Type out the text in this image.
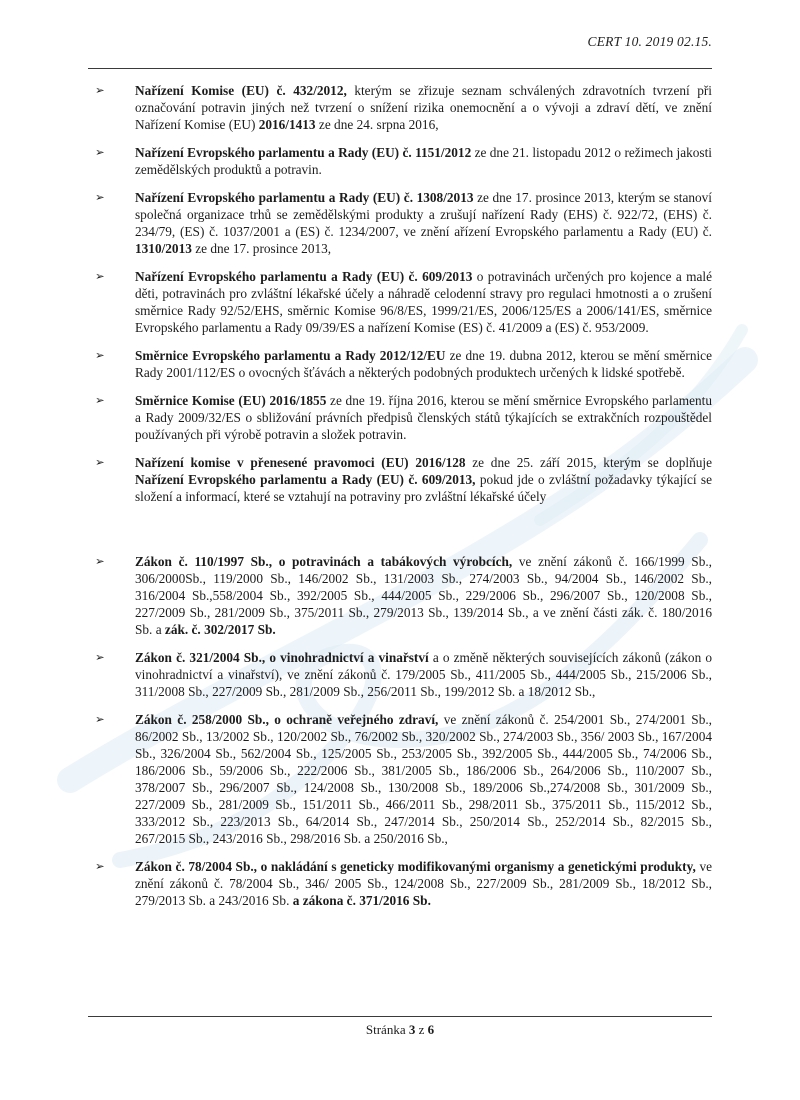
CERT 10. 2019 02.15.
➢ Nařízení Komise (EU) č. 432/2012, kterým se zřizuje seznam schválených zdravotních tvrzení při označování potravin jiných než tvrzení o snížení rizika onemocnění a o vývoji a zdraví dětí, ve znění Nařízení Komise (EU) 2016/1413 ze dne 24. srpna 2016,
➢ Nařízení Evropského parlamentu a Rady (EU) č. 1151/2012 ze dne 21. listopadu 2012 o režimech jakosti zemědělských produktů a potravin.
➢ Nařízení Evropského parlamentu a Rady (EU) č. 1308/2013 ze dne 17. prosince 2013, kterým se stanoví společná organizace trhů se zemědělskými produkty a zrušují nařízení Rady (EHS) č. 922/72, (EHS) č. 234/79, (ES) č. 1037/2001 a (ES) č. 1234/2007, ve znění ařízení Evropského parlamentu a Rady (EU) č. 1310/2013 ze dne 17. prosince 2013,
➢ Nařízení Evropského parlamentu a Rady (EU) č. 609/2013 o potravinách určených pro kojence a malé děti, potravinách pro zvláštní lékařské účely a náhradě celodenní stravy pro regulaci hmotnosti a o zrušení směrnice Rady 92/52/EHS, směrnic Komise 96/8/ES, 1999/21/ES, 2006/125/ES a 2006/141/ES, směrnice Evropského parlamentu a Rady 09/39/ES a nařízení Komise (ES) č. 41/2009 a (ES) č. 953/2009.
➢ Směrnice Evropského parlamentu a Rady 2012/12/EU ze dne 19. dubna 2012, kterou se mění směrnice Rady 2001/112/ES o ovocných šťávách a některých podobných produktech určených k lidské spotřebě.
➢ Směrnice Komise (EU) 2016/1855 ze dne 19. října 2016, kterou se mění směrnice Evropského parlamentu a Rady 2009/32/ES o sbližování právních předpisů členských států týkajících se extrakčních rozpouštědel používaných při výrobě potravin a složek potravin.
➢ Nařízení komise v přenesené pravomoci (EU) 2016/128 ze dne 25. září 2015, kterým se doplňuje Nařízení Evropského parlamentu a Rady (EU) č. 609/2013, pokud jde o zvláštní požadavky týkající se složení a informací, které se vztahují na potraviny pro zvláštní lékařské účely
➢ Zákon č. 110/1997 Sb., o potravinách a tabákových výrobcích, ve znění zákonů č. 166/1999 Sb., 306/2000Sb., 119/2000 Sb., 146/2002 Sb., 131/2003 Sb., 274/2003 Sb., 94/2004 Sb., 146/2002 Sb., 316/2004 Sb.,558/2004 Sb., 392/2005 Sb., 444/2005 Sb., 229/2006 Sb., 296/2007 Sb., 120/2008 Sb., 227/2009 Sb., 281/2009 Sb., 375/2011 Sb., 279/2013 Sb., 139/2014 Sb., a ve znění části zák. č. 180/2016 Sb. a zák. č. 302/2017 Sb.
➢ Zákon č. 321/2004 Sb., o vinohradnictví a vinařství a o změně některých souvisejících zákonů (zákon o vinohradnictví a vinařství), ve znění zákonů č. 179/2005 Sb., 411/2005 Sb., 444/2005 Sb., 215/2006 Sb., 311/2008 Sb., 227/2009 Sb., 281/2009 Sb., 256/2011 Sb., 199/2012 Sb. a 18/2012 Sb.,
➢ Zákon č. 258/2000 Sb., o ochraně veřejného zdraví, ve znění zákonů č. 254/2001 Sb., 274/2001 Sb., 86/2002 Sb., 13/2002 Sb., 120/2002 Sb., 76/2002 Sb., 320/2002 Sb., 274/2003 Sb., 356/ 2003 Sb., 167/2004 Sb., 326/2004 Sb., 562/2004 Sb., 125/2005 Sb., 253/2005 Sb., 392/2005 Sb., 444/2005 Sb., 74/2006 Sb., 186/2006 Sb., 59/2006 Sb., 222/2006 Sb., 381/2005 Sb., 186/2006 Sb., 264/2006 Sb., 110/2007 Sb., 378/2007 Sb., 296/2007 Sb., 124/2008 Sb., 130/2008 Sb., 189/2006 Sb.,274/2008 Sb., 301/2009 Sb., 227/2009 Sb., 281/2009 Sb., 151/2011 Sb., 466/2011 Sb., 298/2011 Sb., 375/2011 Sb., 115/2012 Sb., 333/2012 Sb., 223/2013 Sb., 64/2014 Sb., 247/2014 Sb., 250/2014 Sb., 252/2014 Sb., 82/2015 Sb., 267/2015 Sb., 243/2016 Sb., 298/2016 Sb. a 250/2016 Sb.,
➢ Zákon č. 78/2004 Sb., o nakládání s geneticky modifikovanými organismy a genetickými produkty, ve znění zákonů č. 78/2004 Sb., 346/ 2005 Sb., 124/2008 Sb., 227/2009 Sb., 281/2009 Sb., 18/2012 Sb., 279/2013 Sb. a 243/2016 Sb. a zákona č. 371/2016 Sb.
Stránka 3 z 6
